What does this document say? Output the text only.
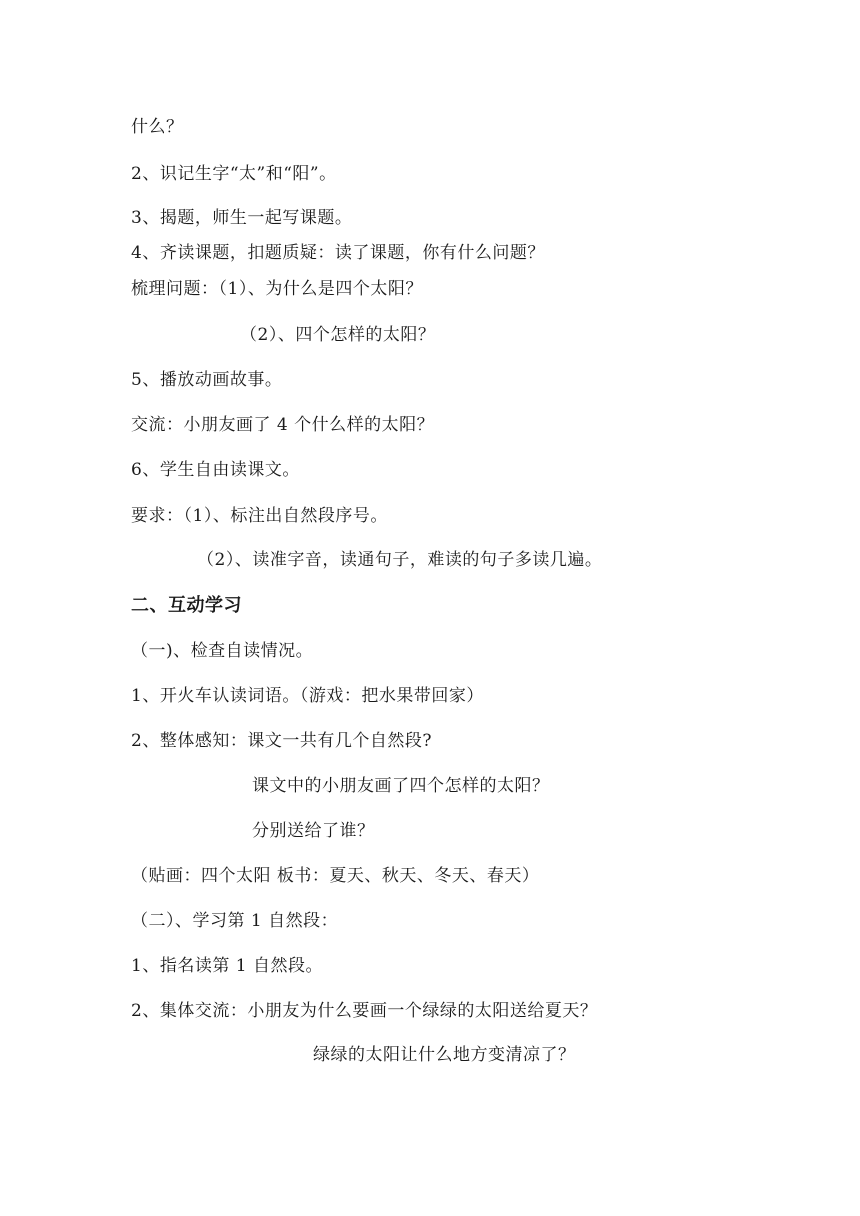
什么？
2、识记生字“太”和“阳”。
3、揭题，师生一起写课题。
4、齐读课题，扣题质疑：读了课题，你有什么问题？
梳理问题：（1）、为什么是四个太阳？
（2）、四个怎样的太阳？
5、播放动画故事。
交流：小朋友画了 4 个什么样的太阳？
6、学生自由读课文。
要求：（1）、标注出自然段序号。
（2）、读准字音，读通句子，难读的句子多读几遍。
二、互动学习
（一)、检查自读情况。
1、开火车认读词语。（游戏：把水果带回家）
2、整体感知：课文一共有几个自然段?
课文中的小朋友画了四个怎样的太阳？
分别送给了谁？
（贴画：四个太阳 板书：夏天、秋天、冬天、春天）
（二）、学习第 1 自然段：
1、指名读第 1 自然段。
2、集体交流：小朋友为什么要画一个绿绿的太阳送给夏天？
绿绿的太阳让什么地方变清凉了？
